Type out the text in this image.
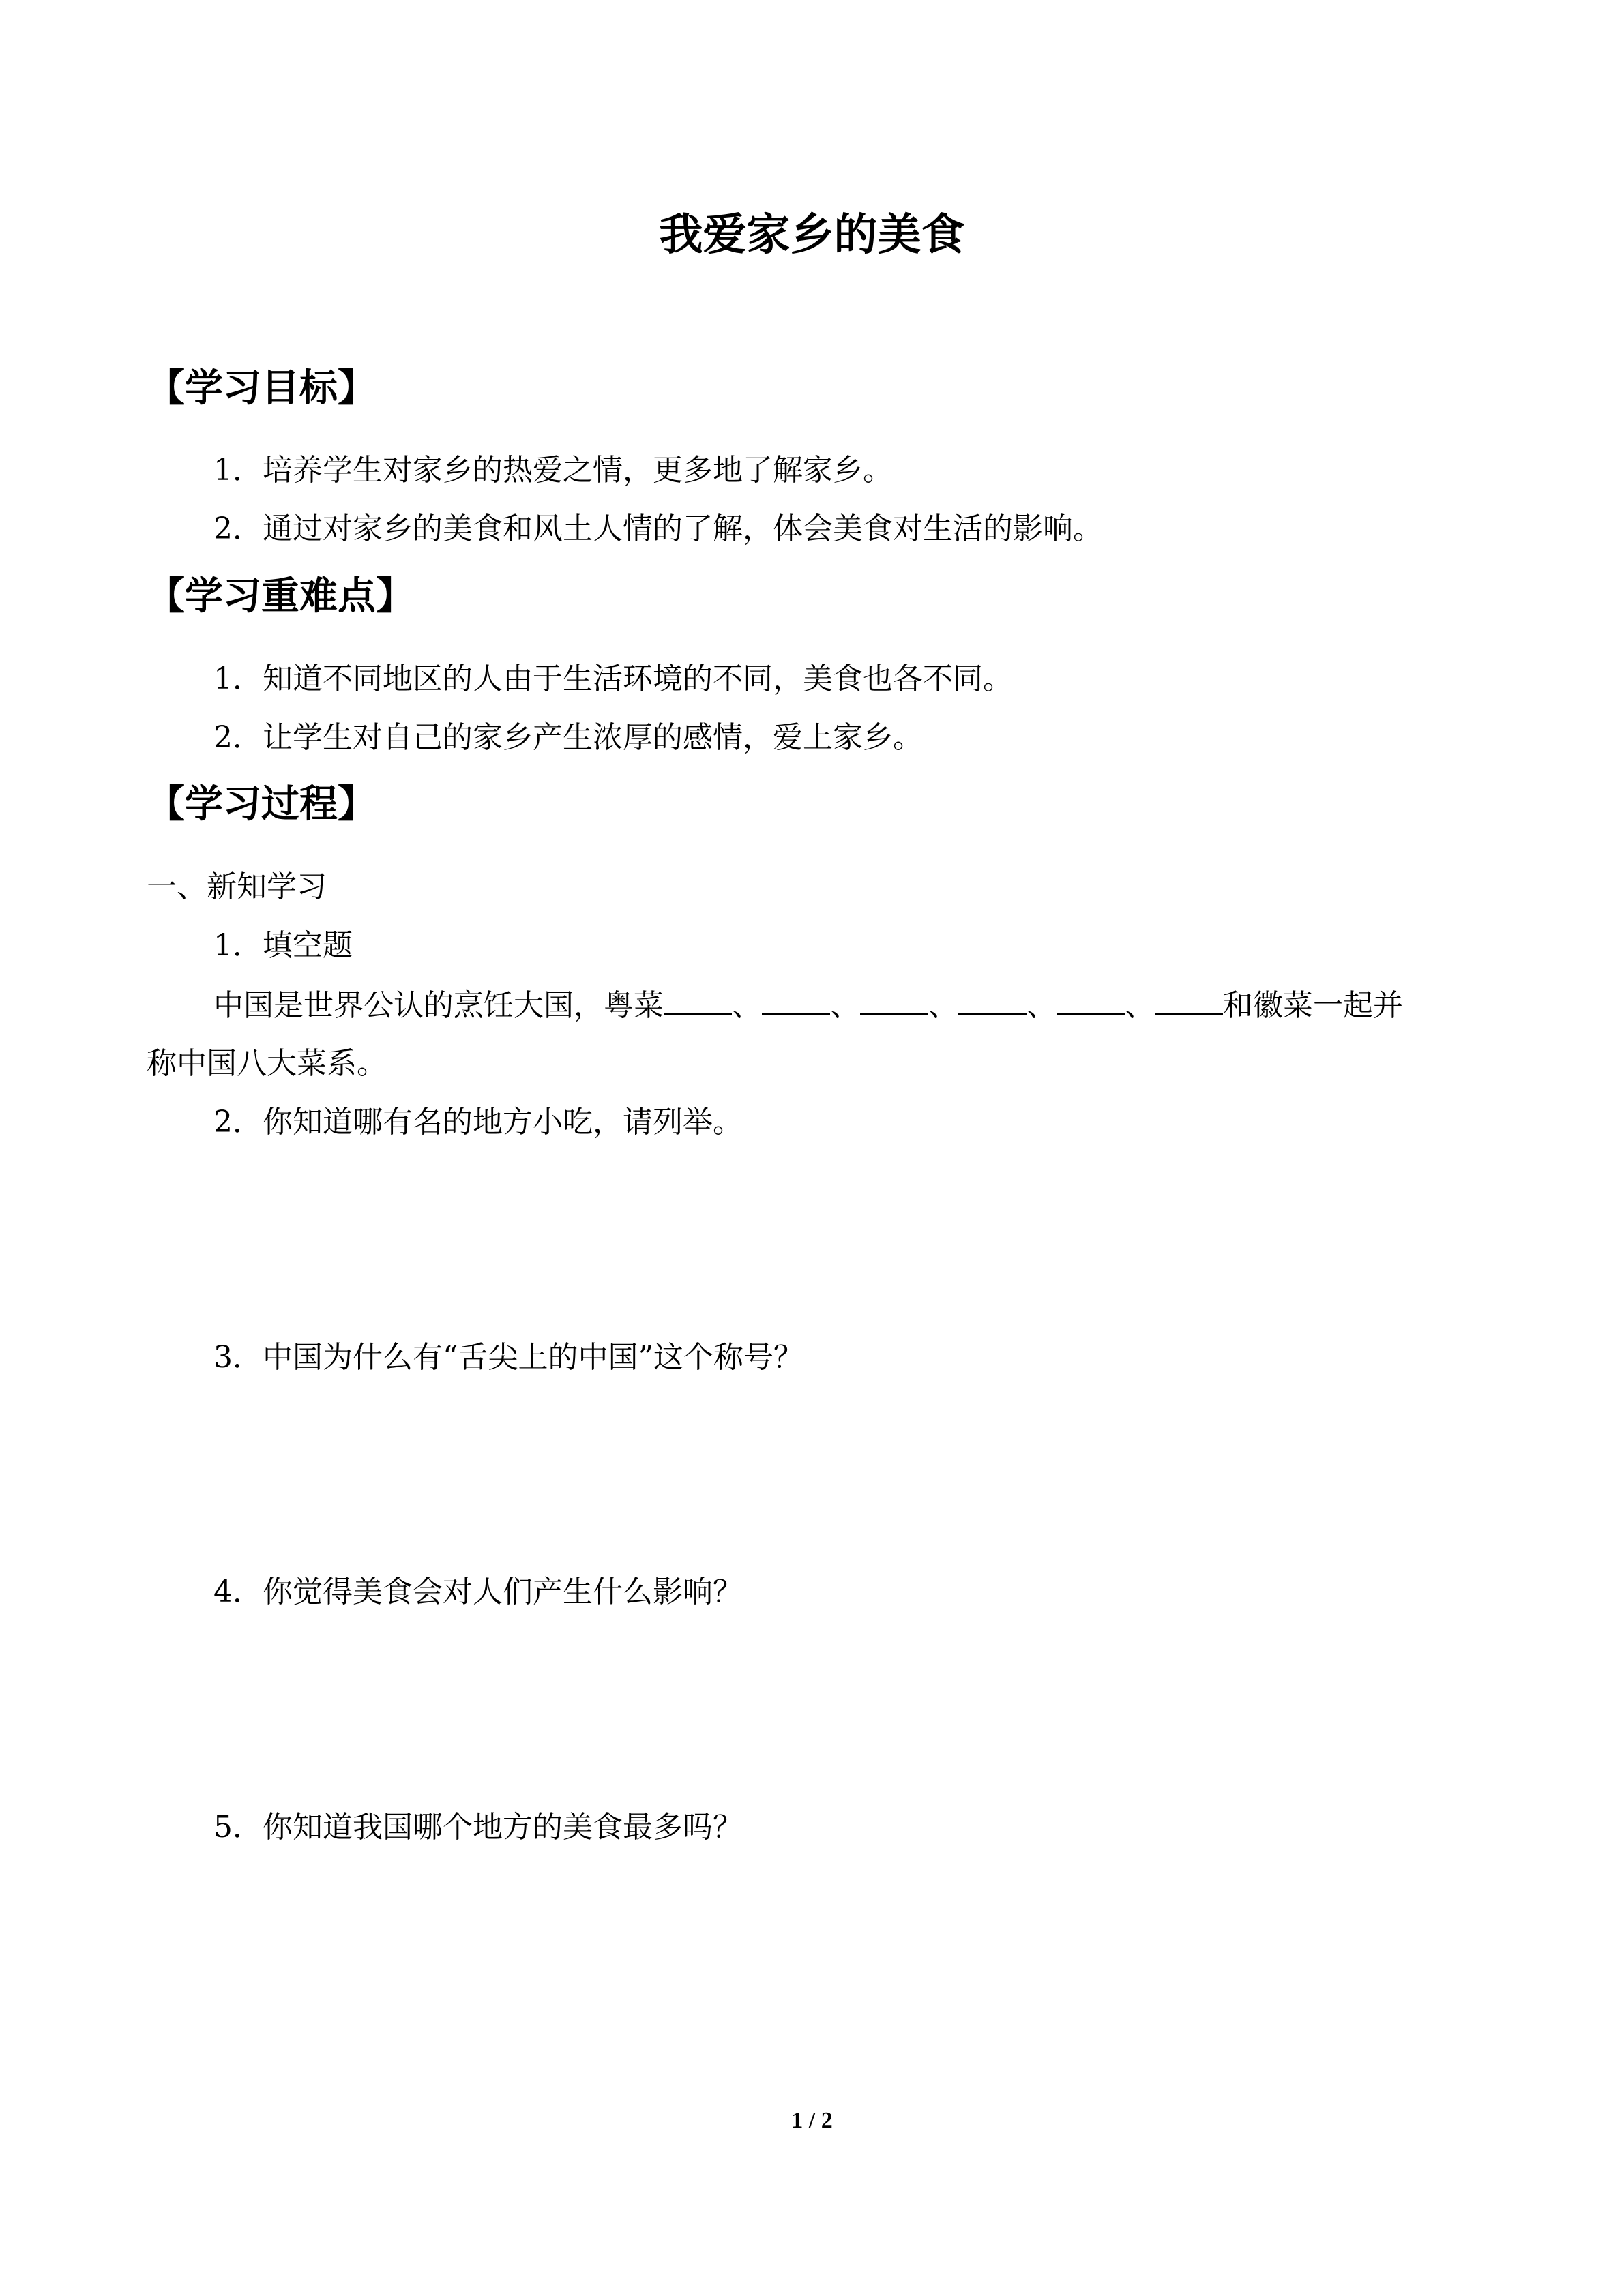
我爱家乡的美食
【学习目标】

1．培养学生对家乡的热爱之情，更多地了解家乡。

2．通过对家乡的美食和风土人情的了解，体会美食对生活的影响。

【学习重难点】

1．知道不同地区的人由于生活环境的不同，美食也各不同。

2．让学生对自己的家乡产生浓厚的感情，爱上家乡。

【学习过程】

一、新知学习

1．填空题

中国是世界公认的烹饪大国，粤菜 、 、 、 、 、 和徽菜一起并

称中国八大菜系。

2．你知道哪有名的地方小吃，请列举。

3．中国为什么有“舌尖上的中国”这个称号？

4．你觉得美食会对人们产生什么影响？

5．你知道我国哪个地方的美食最多吗？

1 / 2
